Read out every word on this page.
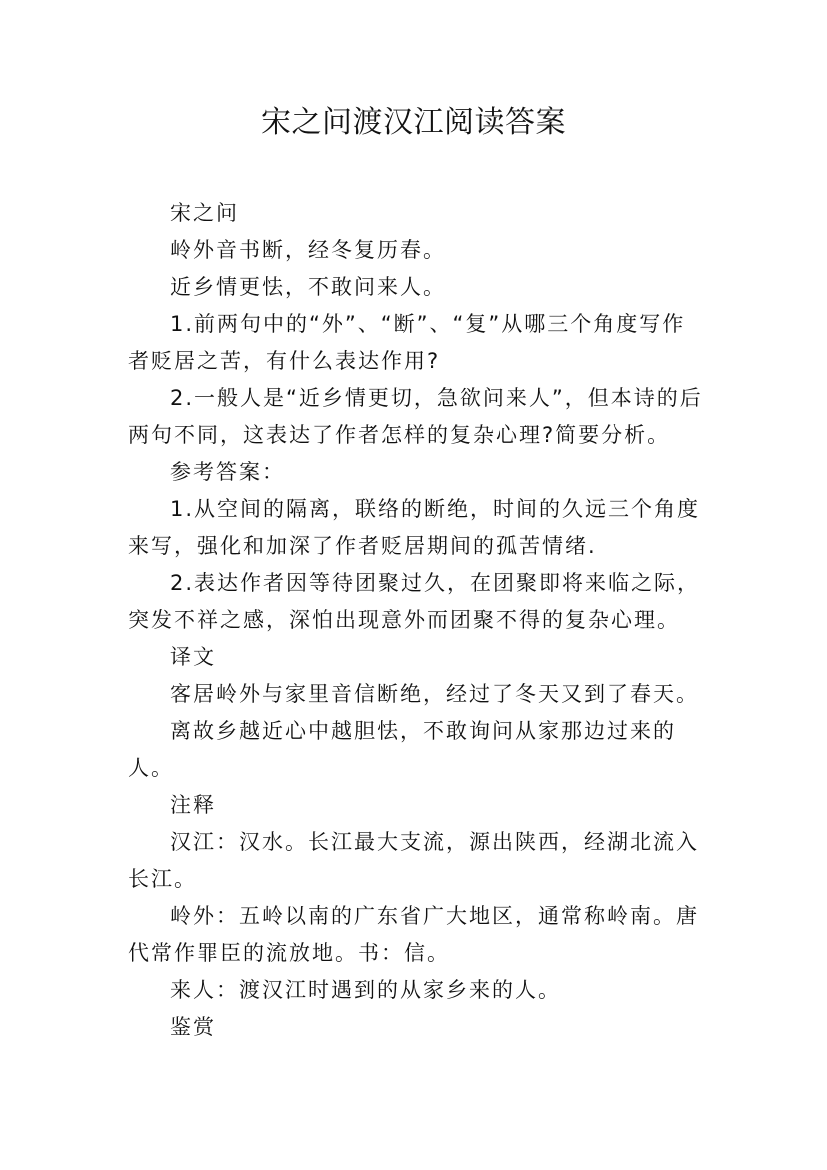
宋之问渡汉江阅读答案

宋之问

岭外音书断，经冬复历春。

近乡情更怯，不敢问来人。

1.前两句中的“外”、“断”、“复”从哪三个角度写作者贬居之苦，有什么表达作用?

2.一般人是“近乡情更切，急欲问来人”，但本诗的后两句不同，这表达了作者怎样的复杂心理?简要分析。

参考答案：

1.从空间的隔离，联络的断绝，时间的久远三个角度来写，强化和加深了作者贬居期间的孤苦情绪.

2.表达作者因等待团聚过久，在团聚即将来临之际，突发不祥之感，深怕出现意外而团聚不得的复杂心理。

译文

客居岭外与家里音信断绝，经过了冬天又到了春天。

离故乡越近心中越胆怯，不敢询问从家那边过来的人。

注释

汉江：汉水。长江最大支流，源出陕西，经湖北流入长江。

岭外：五岭以南的广东省广大地区，通常称岭南。唐代常作罪臣的流放地。书：信。

来人：渡汉江时遇到的从家乡来的人。

鉴赏
